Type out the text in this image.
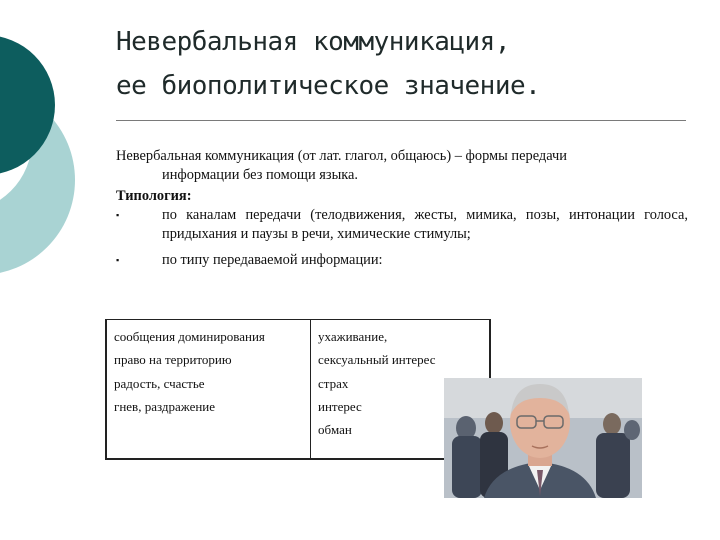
Невербальная коммуникация,
ее биополитическое значение.

Невербальная коммуникация (от лат. глагол, общаюсь) – формы передачи
информации без помощи языка.

Типология:

▪	по каналам передачи (телодвижения, жесты, мимика, позы, интонации голоса, придыхания и паузы в речи, химические стимулы;

▪	по типу передаваемой информации:

сообщения доминирования
право на территорию
радость, счастье
гнев, раздражение
ухаживание,
сексуальный интерес
страх
интерес
обман
